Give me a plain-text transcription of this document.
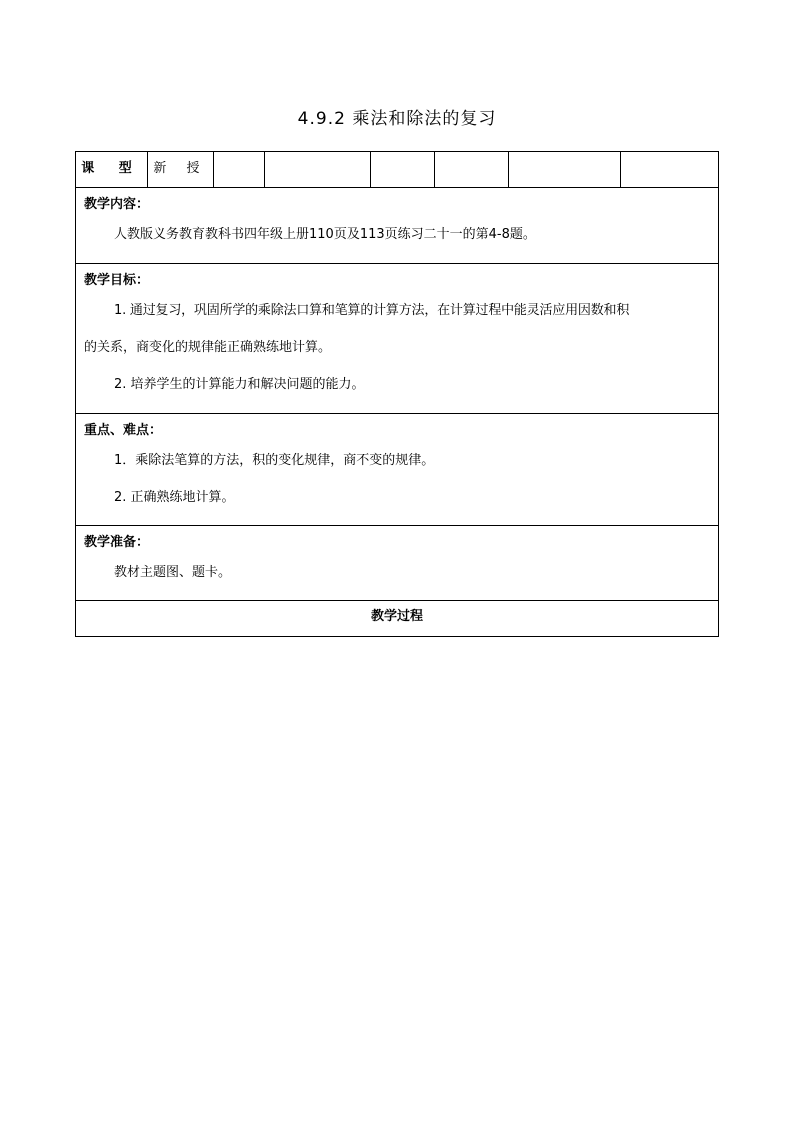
4.9.2 乘法和除法的复习
课 型	新 授						

教学内容：
人教版义务教育教科书四年级上册110页及113页练习二十一的第4-8题。

教学目标：
1. 通过复习，巩固所学的乘除法口算和笔算的计算方法，在计算过程中能灵活应用因数和积
的关系，商变化的规律能正确熟练地计算。
2. 培养学生的计算能力和解决问题的能力。

重点、难点：
1．乘除法笔算的方法，积的变化规律，商不变的规律。
2. 正确熟练地计算。

教学准备：
教材主题图、题卡。

教学过程
